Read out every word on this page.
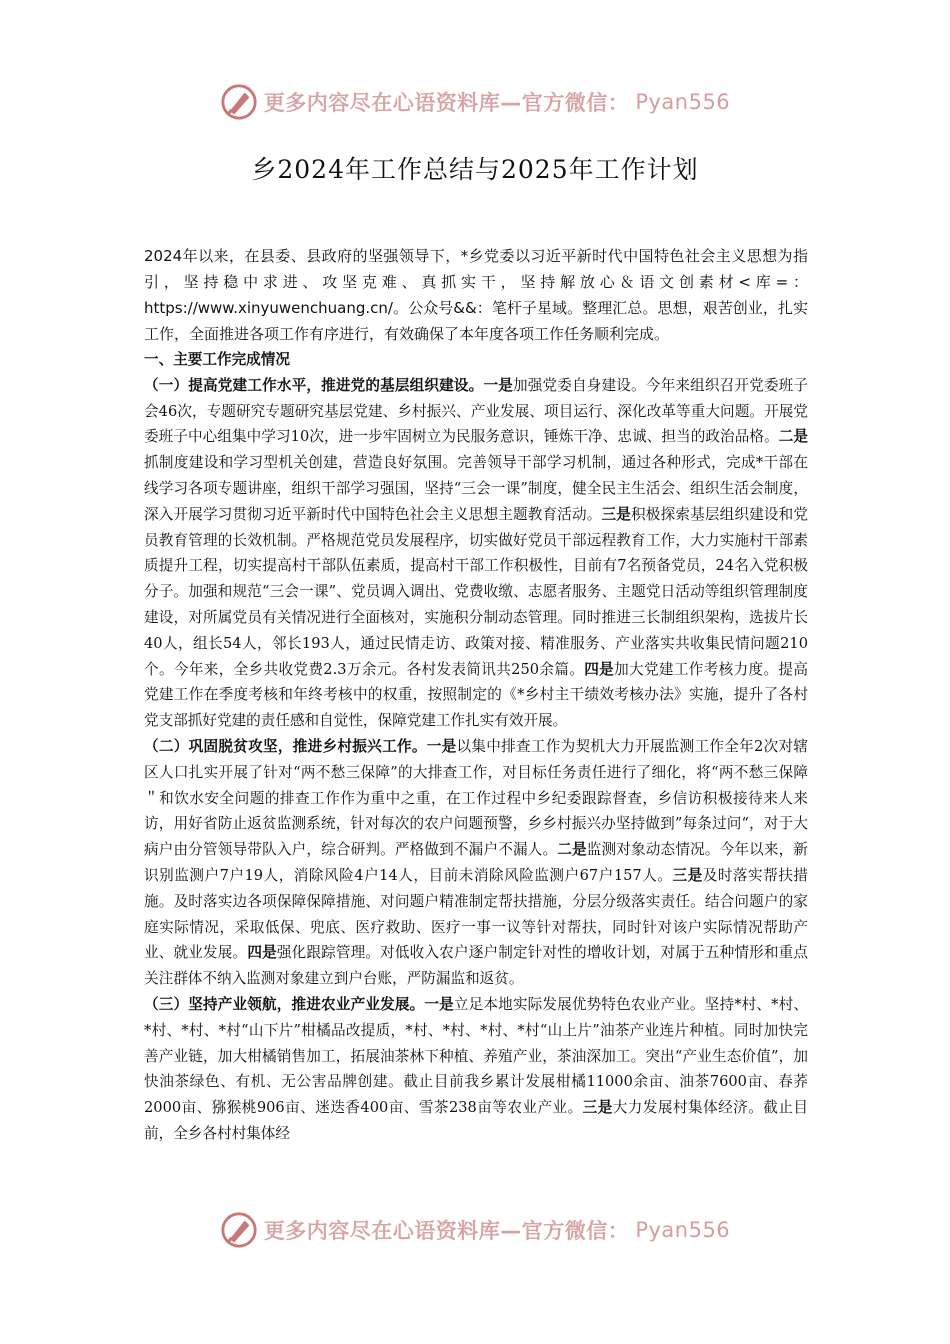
更多内容尽在心语资料库—官方微信： Pyan556
乡2024年工作总结与2025年工作计划

2024年以来，在县委、县政府的坚强领导下，*乡党委以习近平新时代中国特色社会主义思想为指引，坚持稳中求进、攻坚克难、真抓实干，坚持解放心＆语文创素材<库=：https://www.xinyuwenchuang.cn/。公众号&&：笔杆子星域。整理汇总。思想，艰苦创业，扎实工作，全面推进各项工作有序进行，有效确保了本年度各项工作任务顺利完成。

一、主要工作完成情况

（一）提高党建工作水平，推进党的基层组织建设。一是加强党委自身建设。今年来组织召开党委班子会46次，专题研究专题研究基层党建、乡村振兴、产业发展、项目运行、深化改革等重大问题。开展党委班子中心组集中学习10次，进一步牢固树立为民服务意识，锤炼干净、忠诚、担当的政治品格。二是抓制度建设和学习型机关创建，营造良好氛围。完善领导干部学习机制，通过各种形式，完成*干部在线学习各项专题讲座，组织干部学习强国，坚持“三会一课”制度，健全民主生活会、组织生活会制度，深入开展学习贯彻习近平新时代中国特色社会主义思想主题教育活动。三是积极探索基层组织建设和党员教育管理的长效机制。严格规范党员发展程序，切实做好党员干部远程教育工作，大力实施村干部素质提升工程，切实提高村干部队伍素质，提高村干部工作积极性，目前有7名预备党员，24名入党积极分子。加强和规范“三会一课”、党员调入调出、党费收缴、志愿者服务、主题党日活动等组织管理制度建设，对所属党员有关情况进行全面核对，实施积分制动态管理。同时推进三长制组织架构，选拔片长40人，组长54人，邻长193人，通过民情走访、政策对接、精准服务、产业落实共收集民情问题210个。今年来，全乡共收党费2.3万余元。各村发表简讯共250余篇。四是加大党建工作考核力度。提高党建工作在季度考核和年终考核中的权重，按照制定的《*乡村主干绩效考核办法》实施，提升了各村党支部抓好党建的责任感和自觉性，保障党建工作扎实有效开展。

（二）巩固脱贫攻坚，推进乡村振兴工作。一是以集中排查工作为契机大力开展监测工作全年2次对辖区人口扎实开展了针对“两不愁三保障”的大排查工作，对目标任务责任进行了细化，将“两不愁三保障＂和饮水安全问题的排查工作作为重中之重，在工作过程中乡纪委跟踪督查，乡信访积极接待来人来访，用好省防止返贫监测系统，针对每次的农户问题预警，乡乡村振兴办坚持做到”每条过问“，对于大病户由分管领导带队入户，综合研判。严格做到不漏户不漏人。二是监测对象动态情况。今年以来，新识别监测户7户19人，消除风险4户14人，目前未消除风险监测户67户157人。三是及时落实帮扶措施。及时落实边各项保障保障措施、对问题户精准制定帮扶措施，分层分级落实责任。结合问题户的家庭实际情况，采取低保、兜底、医疗救助、医疗一事一议等针对帮扶，同时针对该户实际情况帮助产业、就业发展。四是强化跟踪管理。对低收入农户逐户制定针对性的增收计划，对属于五种情形和重点关注群体不纳入监测对象建立到户台账，严防漏监和返贫。

（三）坚持产业领航，推进农业产业发展。一是立足本地实际发展优势特色农业产业。坚持*村、*村、*村、*村、*村“山下片”柑橘品改提质，*村、*村、*村、*村“山上片”油茶产业连片种植。同时加快完善产业链，加大柑橘销售加工，拓展油茶林下种植、养殖产业，茶油深加工。突出“产业生态价值”，加快油茶绿色、有机、无公害品牌创建。截止目前我乡累计发展柑橘11000余亩、油茶7600亩、春荞2000亩、猕猴桃906亩、迷迭香400亩、雪茶238亩等农业产业。三是大力发展村集体经济。截止目前，全乡各村村集体经

更多内容尽在心语资料库—官方微信： Pyan556
